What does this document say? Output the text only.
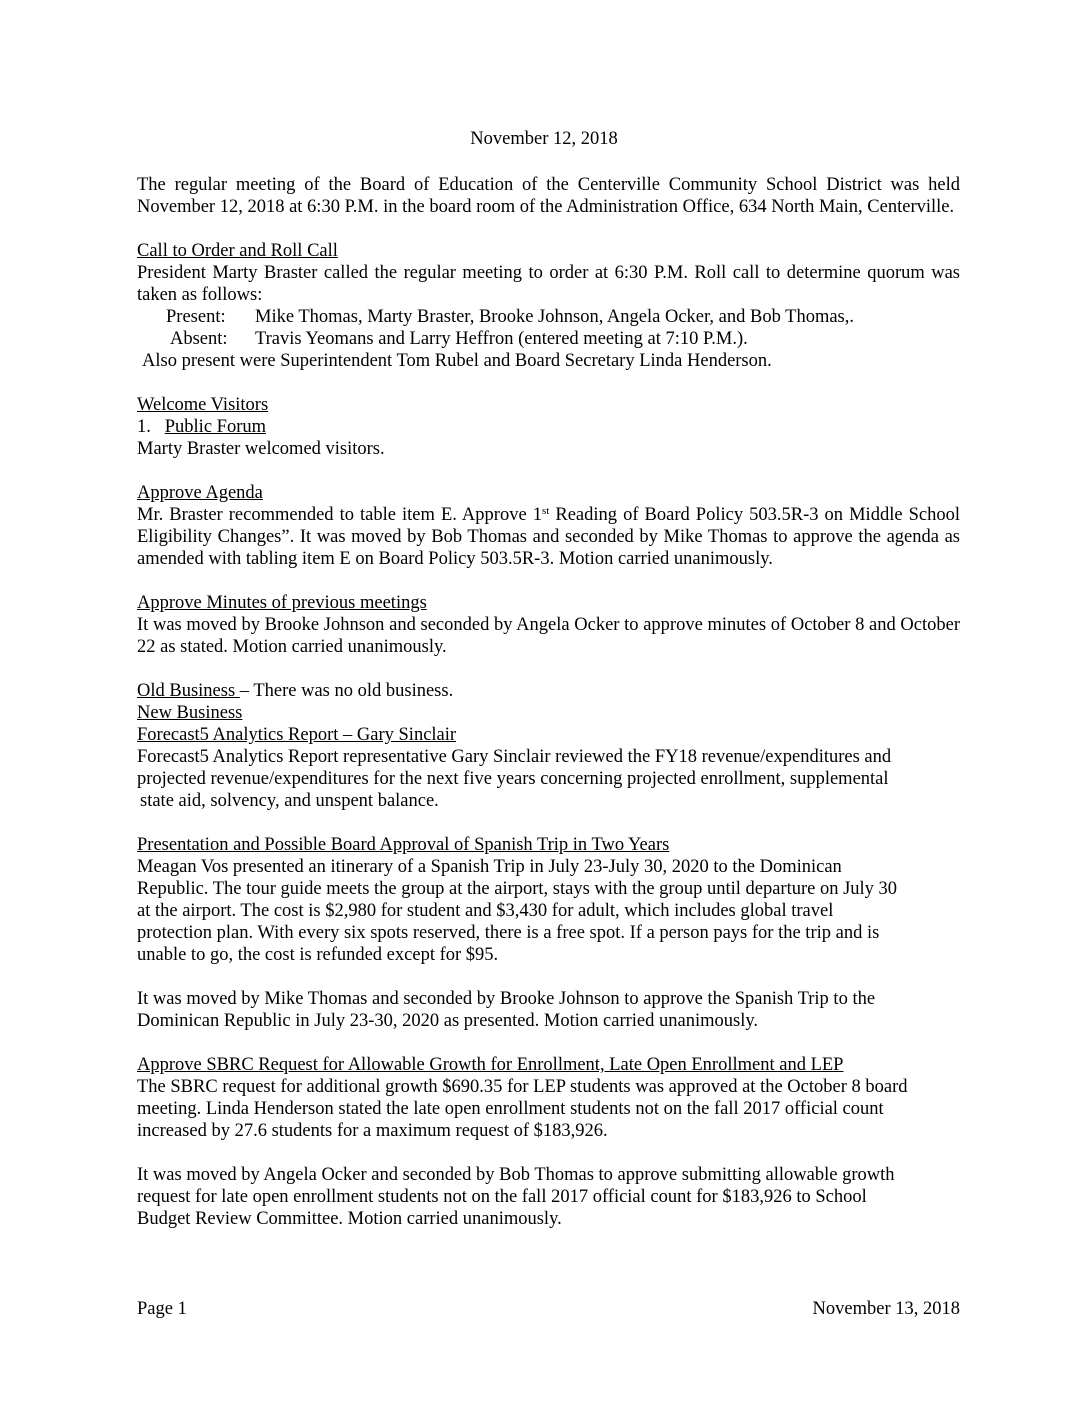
November 12, 2018

The regular meeting of the Board of Education of the Centerville Community School District was held November 12, 2018 at 6:30 P.M. in the board room of the Administration Office, 634 North Main, Centerville.

Call to Order and Roll Call

President Marty Braster called the regular meeting to order at 6:30 P.M. Roll call to determine quorum was taken as follows:

Present:	Mike Thomas, Marty Braster, Brooke Johnson, Angela Ocker, and Bob Thomas,.
Absent:	Travis Yeomans and Larry Heffron (entered meeting at 7:10 P.M.).

Also present were Superintendent Tom Rubel and Board Secretary Linda Henderson.

Welcome Visitors

1. Public Forum

Marty Braster welcomed visitors.

Approve Agenda

Mr. Braster recommended to table item E. Approve 1st Reading of Board Policy 503.5R-3 on Middle School Eligibility Changes”. It was moved by Bob Thomas and seconded by Mike Thomas to approve the agenda as amended with tabling item E on Board Policy 503.5R-3. Motion carried unanimously.

Approve Minutes of previous meetings

It was moved by Brooke Johnson and seconded by Angela Ocker to approve minutes of October 8 and October 22 as stated. Motion carried unanimously.

Old Business – There was no old business.

New Business

Forecast5 Analytics Report – Gary Sinclair

Forecast5 Analytics Report representative Gary Sinclair reviewed the FY18 revenue/expenditures and

projected revenue/expenditures for the next five years concerning projected enrollment, supplemental

state aid, solvency, and unspent balance.

Presentation and Possible Board Approval of Spanish Trip in Two Years

Meagan Vos presented an itinerary of a Spanish Trip in July 23-July 30, 2020 to the Dominican

Republic. The tour guide meets the group at the airport, stays with the group until departure on July 30

at the airport. The cost is $2,980 for student and $3,430 for adult, which includes global travel

protection plan. With every six spots reserved, there is a free spot. If a person pays for the trip and is

unable to go, the cost is refunded except for $95.

It was moved by Mike Thomas and seconded by Brooke Johnson to approve the Spanish Trip to the

Dominican Republic in July 23-30, 2020 as presented. Motion carried unanimously.

Approve SBRC Request for Allowable Growth for Enrollment, Late Open Enrollment and LEP

The SBRC request for additional growth $690.35 for LEP students was approved at the October 8 board

meeting. Linda Henderson stated the late open enrollment students not on the fall 2017 official count

increased by 27.6 students for a maximum request of $183,926.

It was moved by Angela Ocker and seconded by Bob Thomas to approve submitting allowable growth

request for late open enrollment students not on the fall 2017 official count for $183,926 to School

Budget Review Committee. Motion carried unanimously.

Page 1	November 13, 2018
